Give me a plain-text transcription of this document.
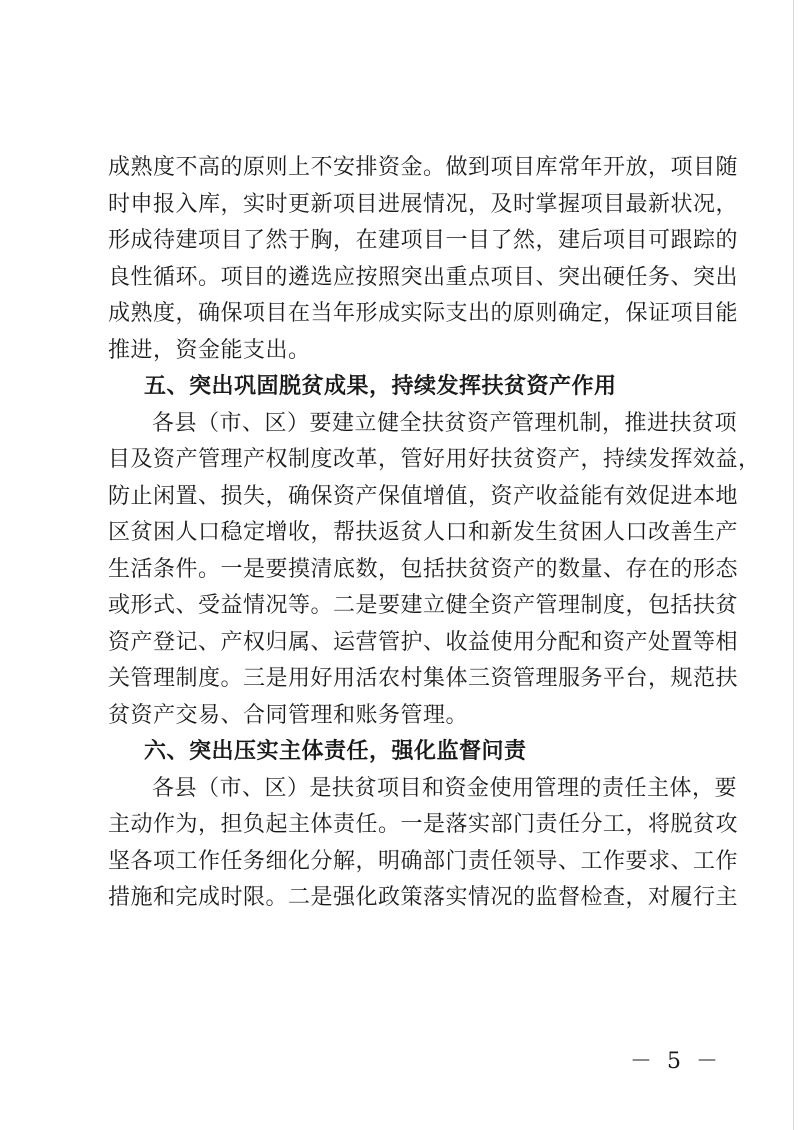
成熟度不高的原则上不安排资金。做到项目库常年开放，项目随
时申报入库，实时更新项目进展情况，及时掌握项目最新状况，
形成待建项目了然于胸，在建项目一目了然，建后项目可跟踪的
良性循环。项目的遴选应按照突出重点项目、突出硬任务、突出
成熟度，确保项目在当年形成实际支出的原则确定，保证项目能
推进，资金能支出。
五、突出巩固脱贫成果，持续发挥扶贫资产作用
各县（市、区）要建立健全扶贫资产管理机制，推进扶贫项
目及资产管理产权制度改革，管好用好扶贫资产，持续发挥效益，
防止闲置、损失，确保资产保值增值，资产收益能有效促进本地
区贫困人口稳定增收，帮扶返贫人口和新发生贫困人口改善生产
生活条件。一是要摸清底数，包括扶贫资产的数量、存在的形态
或形式、受益情况等。二是要建立健全资产管理制度，包括扶贫
资产登记、产权归属、运营管护、收益使用分配和资产处置等相
关管理制度。三是用好用活农村集体三资管理服务平台，规范扶
贫资产交易、合同管理和账务管理。
六、突出压实主体责任，强化监督问责
各县（市、区）是扶贫项目和资金使用管理的责任主体，要
主动作为，担负起主体责任。一是落实部门责任分工，将脱贫攻
坚各项工作任务细化分解，明确部门责任领导、工作要求、工作
措施和完成时限。二是强化政策落实情况的监督检查，对履行主
－ 5 －
